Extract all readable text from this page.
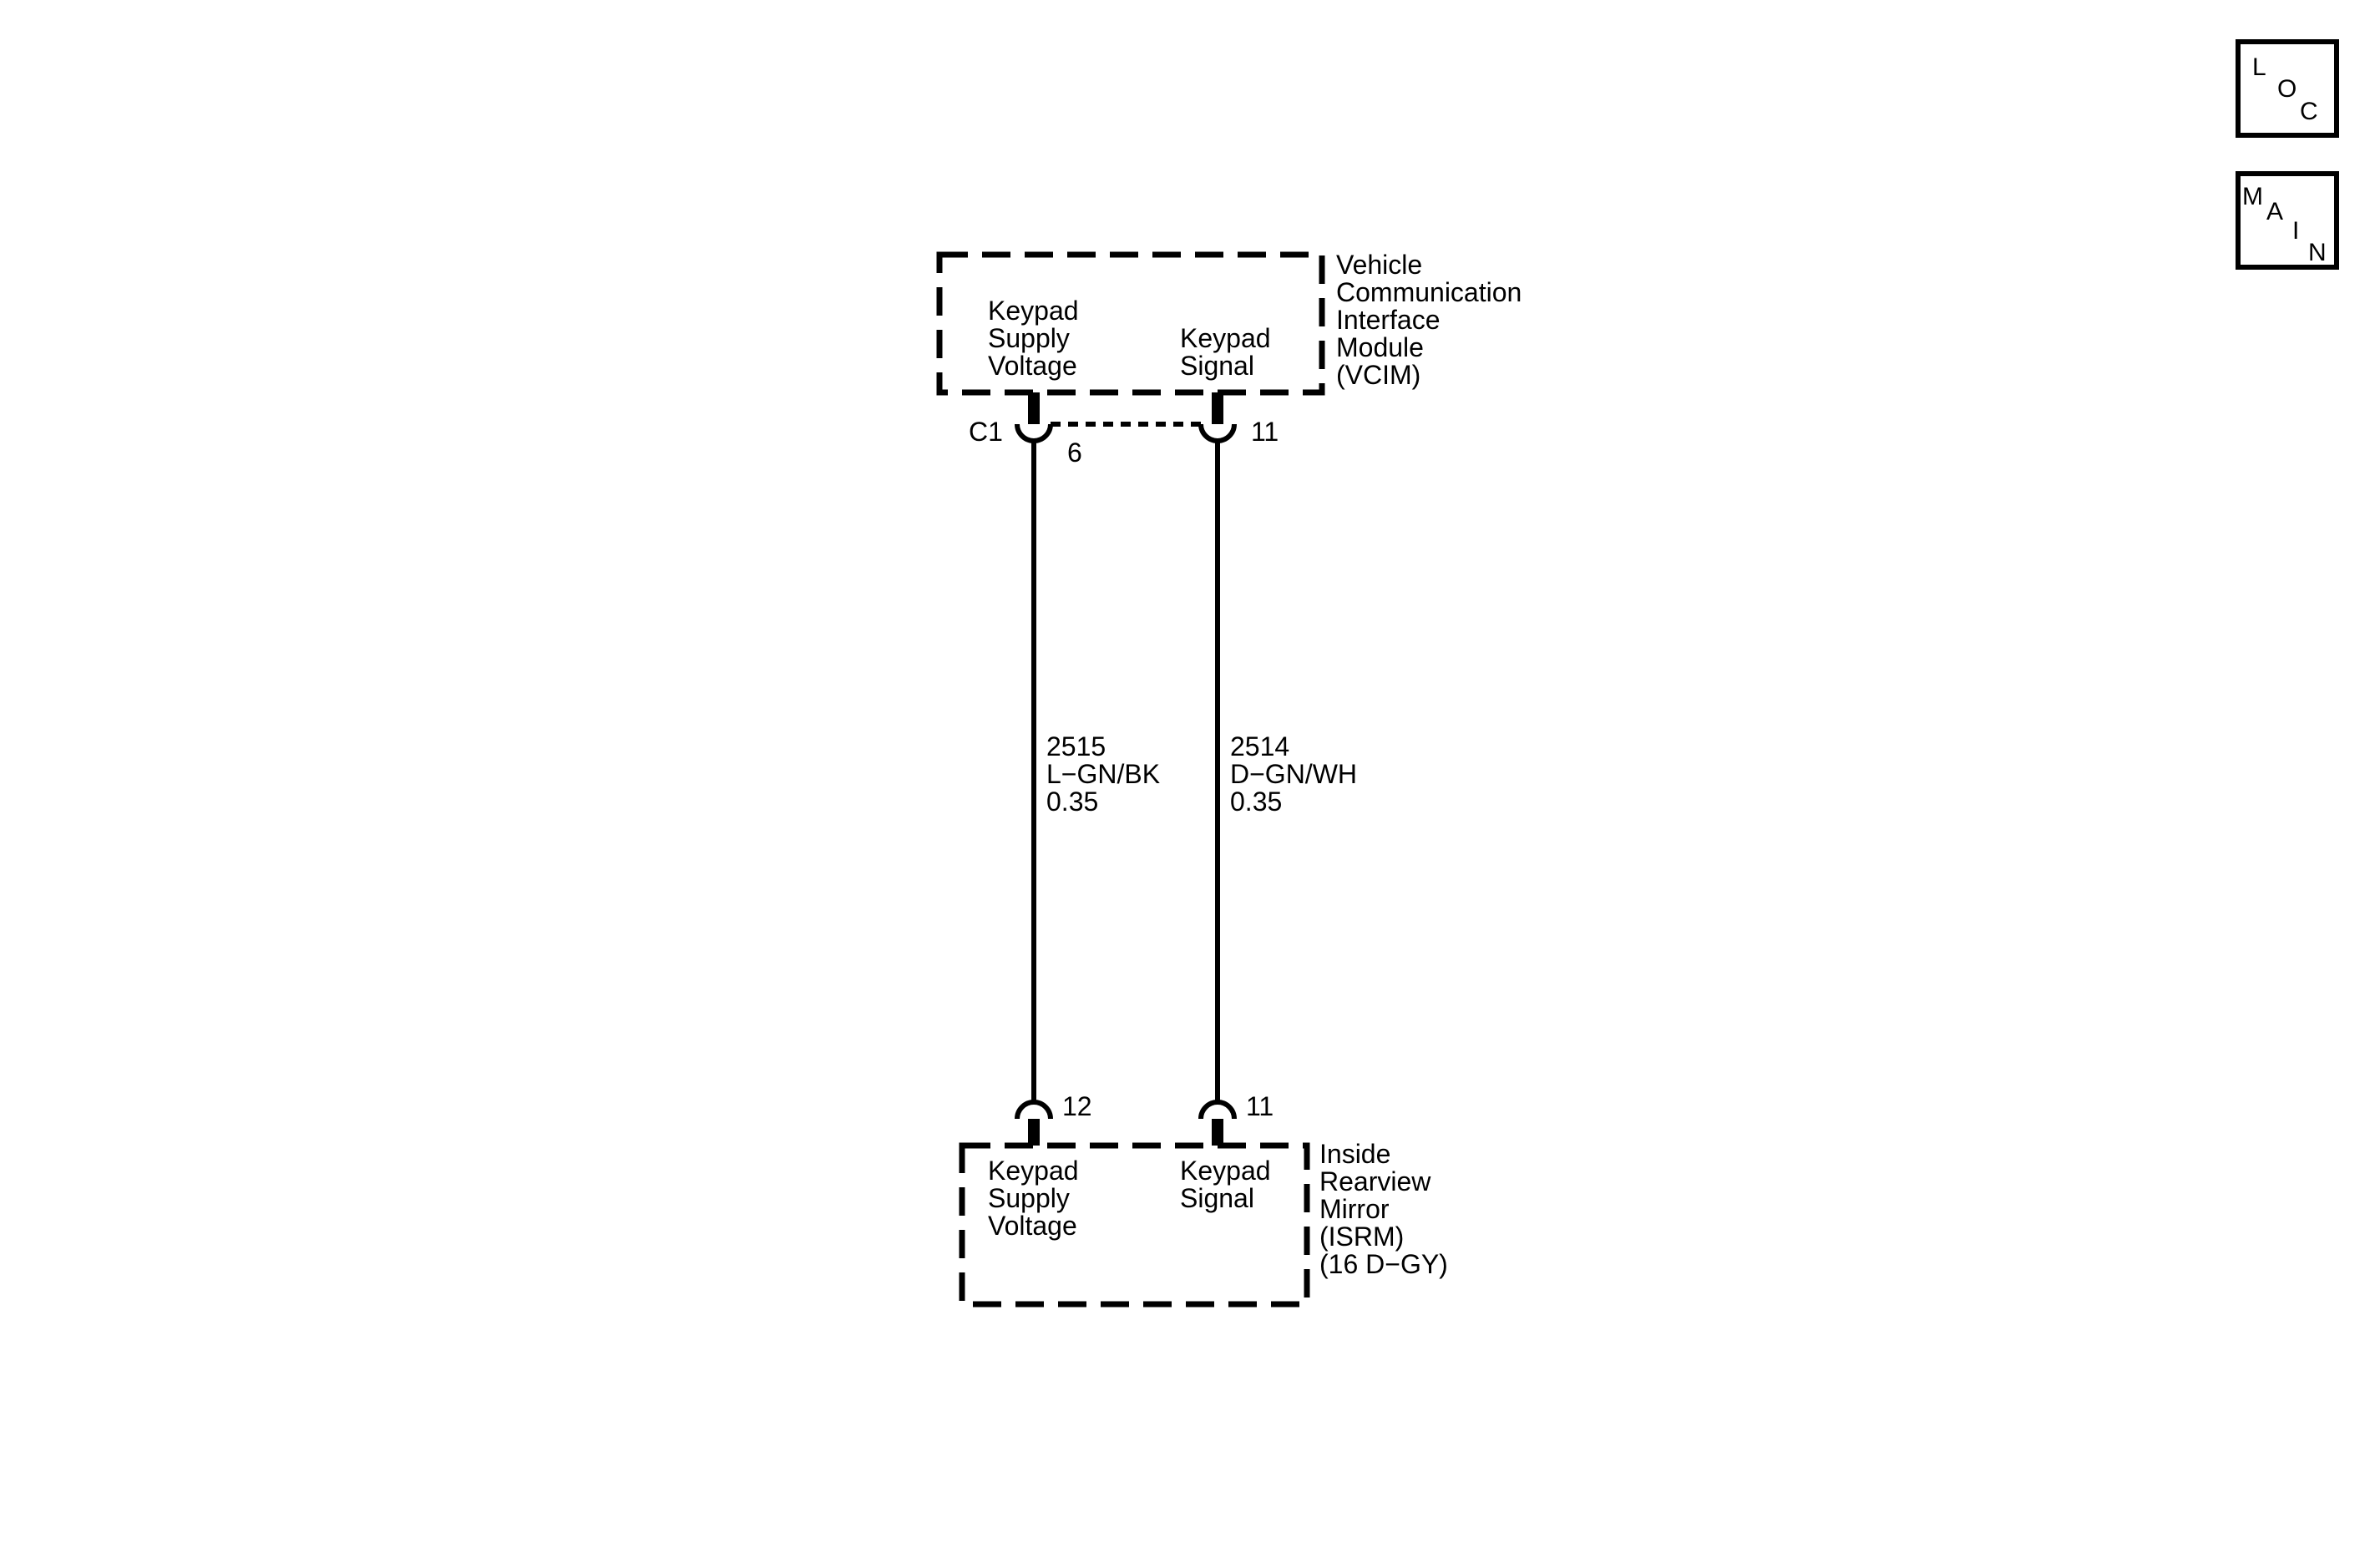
L
O
C
M
A
I
N
Vehicle
Communication
Interface
Module
(VCIM)
Keypad
Supply
Voltage
Keypad
Signal
C1
6
11
2515
L−GN/BK
0.35
2514
D−GN/WH
0.35
12	11
Inside
Rearview
Mirror
(ISRM)
(16 D−GY)
Keypad
Supply
Voltage
Keypad
Signal
